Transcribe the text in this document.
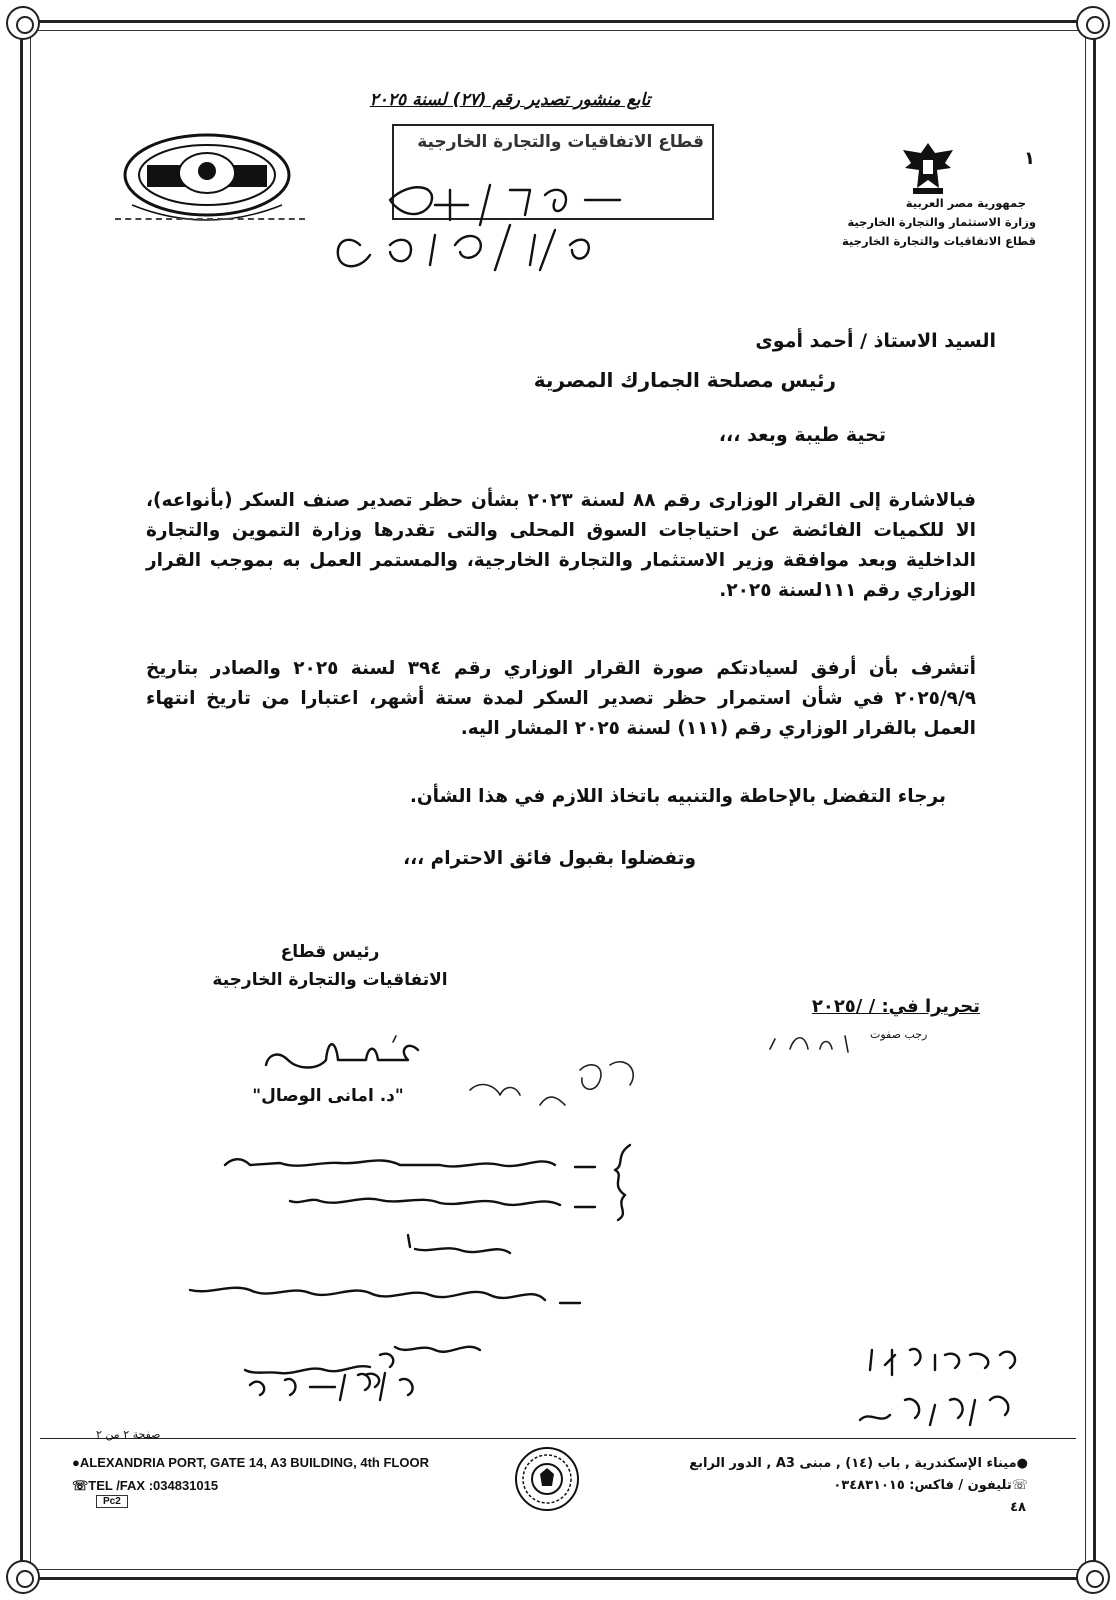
تابع منشور تصدير رقم (٢٧) لسنة ٢٠٢٥
١
جمهورية مصر العربية
وزارة الاستثمار والتجارة الخارجية
قطاع الاتفاقيات والتجارة الخارجية
قطاع الاتفاقيات والتجارة الخارجية
السيد الاستاذ / أحمد أموى
رئيس مصلحة الجمارك المصرية
تحية طيبة وبعد ،،،
فبالاشارة إلى القرار الوزارى رقم ٨٨ لسنة ٢٠٢٣ بشأن حظر تصدير صنف السكر (بأنواعه)، الا للكميات الفائضة عن احتياجات السوق المحلى والتى تقدرها وزارة التموين والتجارة الداخلية وبعد موافقة وزير الاستثمار والتجارة الخارجية، والمستمر العمل به بموجب القرار الوزاري رقم ١١١لسنة ٢٠٢٥.
أتشرف بأن أرفق لسيادتكم صورة القرار الوزاري رقم ٣٩٤ لسنة ٢٠٢٥ والصادر بتاريخ ٢٠٢٥/٩/٩ في شأن استمرار حظر تصدير السكر لمدة ستة أشهر، اعتبارا من تاريخ انتهاء العمل بالقرار الوزاري رقم (١١١) لسنة ٢٠٢٥ المشار اليه.
برجاء التفضل بالإحاطة والتنبيه باتخاذ اللازم في هذا الشأن.
وتفضلوا بقبول فائق الاحترام ،،،
رئيس قطاع
الاتفاقيات والتجارة الخارجية
"د. امانى الوصال"
تحريرا في: / /٢٠٢٥
رجب صفوت
صفحة ٢ من ٢
●ALEXANDRIA PORT, GATE 14, A3 BUILDING, 4th FLOOR
☏TEL /FAX :034831015
Pc2
●ميناء الإسكندرية , باب (١٤) , مبنى A3 , الدور الرابع
☏تليفون / فاكس: ٠٣٤٨٣١٠١٥
٤٨
